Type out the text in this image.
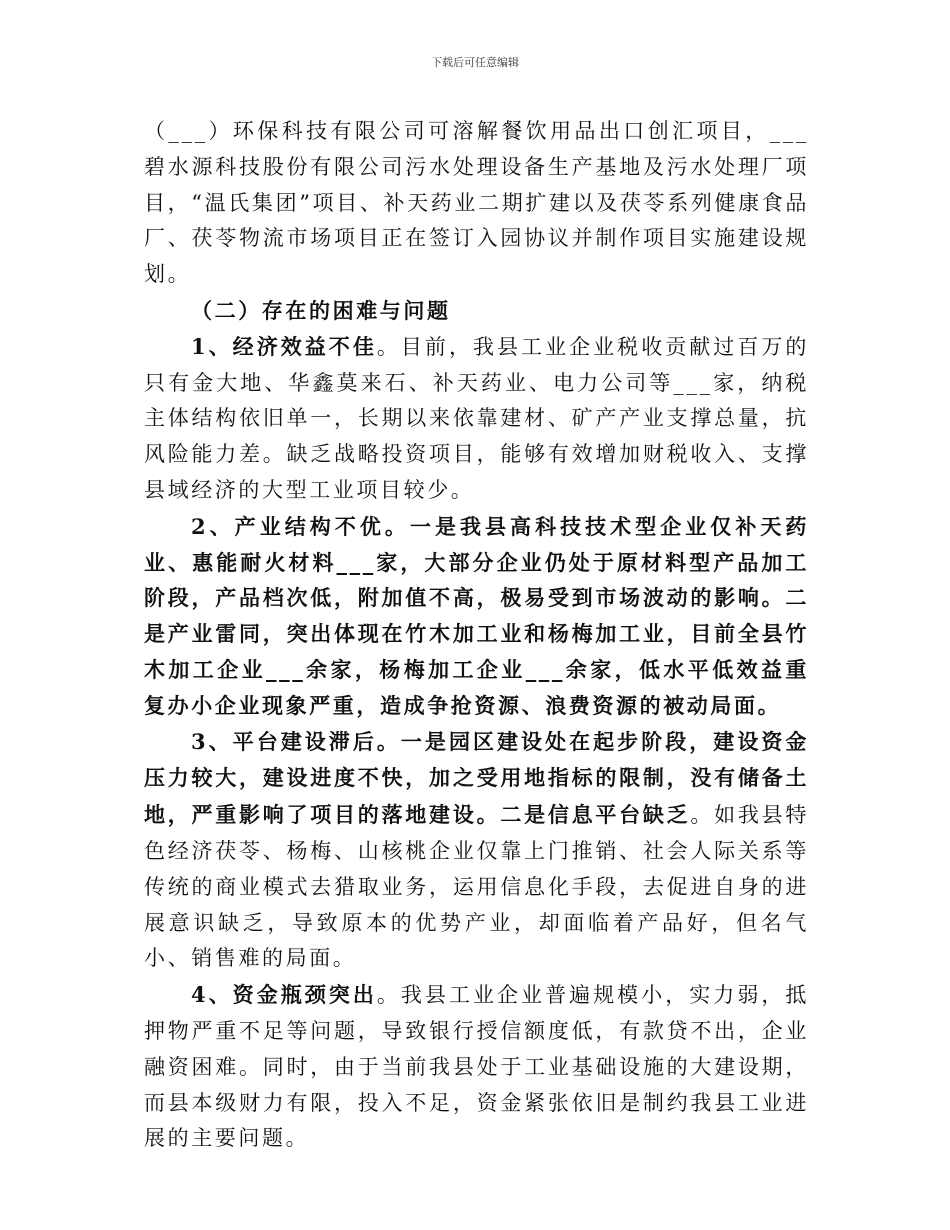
下载后可任意编辑

（___）环保科技有限公司可溶解餐饮用品出口创汇项目，___碧水源科技股份有限公司污水处理设备生产基地及污水处理厂项目，“温氏集团”项目、补天药业二期扩建以及茯苓系列健康食品厂、茯苓物流市场项目正在签订入园协议并制作项目实施建设规划。

（二）存在的困难与问题

1、经济效益不佳。目前，我县工业企业税收贡献过百万的只有金大地、华鑫莫来石、补天药业、电力公司等___家，纳税主体结构依旧单一，长期以来依靠建材、矿产产业支撑总量，抗风险能力差。缺乏战略投资项目，能够有效增加财税收入、支撑县域经济的大型工业项目较少。

2、产业结构不优。一是我县高科技技术型企业仅补天药业、惠能耐火材料___家，大部分企业仍处于原材料型产品加工阶段，产品档次低，附加值不高，极易受到市场波动的影响。二是产业雷同，突出体现在竹木加工业和杨梅加工业，目前全县竹木加工企业___余家，杨梅加工企业___余家，低水平低效益重复办小企业现象严重，造成争抢资源、浪费资源的被动局面。

3、平台建设滞后。一是园区建设处在起步阶段，建设资金压力较大，建设进度不快，加之受用地指标的限制，没有储备土地，严重影响了项目的落地建设。二是信息平台缺乏。如我县特色经济茯苓、杨梅、山核桃企业仅靠上门推销、社会人际关系等传统的商业模式去猎取业务，运用信息化手段，去促进自身的进展意识缺乏，导致原本的优势产业，却面临着产品好，但名气小、销售难的局面。

4、资金瓶颈突出。我县工业企业普遍规模小，实力弱，抵押物严重不足等问题，导致银行授信额度低，有款贷不出，企业融资困难。同时，由于当前我县处于工业基础设施的大建设期，而县本级财力有限，投入不足，资金紧张依旧是制约我县工业进展的主要问题。
